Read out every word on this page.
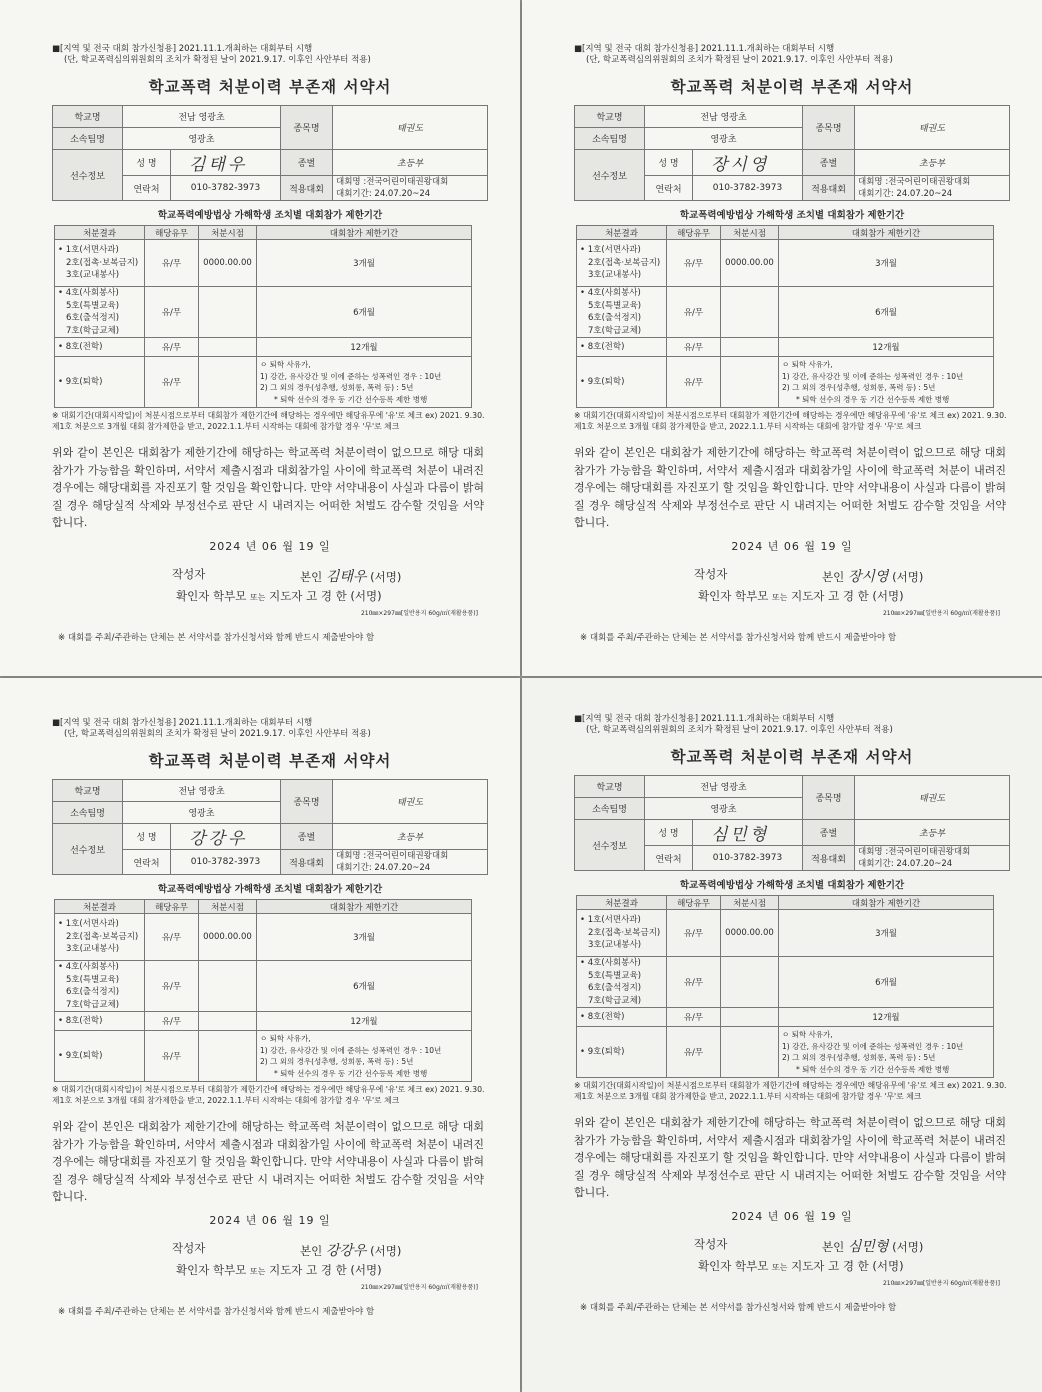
■[지역 및 전국 대회 참가신청용] 2021.11.1.개최하는 대회부터 시행
(단, 학교폭력심의위원회의 조치가 확정된 날이 2021.9.17. 이후인 사안부터 적용)
학교폭력 처분이력 부존재 서약서
학교명	전남 영광초		종목명	태권도
소속팀명	영광초			
선수정보	성 명	김태우	종별	초등부
	연락처	010-3782-3973	적용대회	대회명 :전국어린이태권왕대회
대회기간: 24.07.20~24
학교폭력예방법상 가해학생 조치별 대회참가 제한기간
처분결과	해당유무	처분시점	대회참가 제한기간

• 1호(서면사과)
2호(접촉·보복금지)
3호(교내봉사)	유/무	0000.00.00	3개월

• 4호(사회봉사)
5호(특별교육)
6호(출석정지)
7호(학급교체)	유/무		6개월

• 8호(전학)	유/무		12개월

• 9호(퇴학)	유/무		ㅇ 퇴학 사유가,
1) 강간, 유사강간 및 이에 준하는 성폭력인 경우 : 10년
2) 그 외의 경우(성추행, 성희롱, 폭력 등) : 5년
* 퇴학 선수의 경우 동 기간 선수등록 제한 병행
※ 대회기간(대회시작일)이 처분시점으로부터 대회참가 제한기간에 해당하는 경우에만 해당유무에 '유'로 체크 ex) 2021. 9.30. 제1호 처분으로 3개월 대회 참가제한을 받고, 2022.1.1.부터 시작하는 대회에 참가할 경우 '무'로 체크
위와 같이 본인은 대회참가 제한기간에 해당하는 학교폭력 처분이력이 없으므로 해당 대회 참가가 가능함을 확인하며, 서약서 제출시점과 대회참가일 사이에 학교폭력 처분이 내려진 경우에는 해당대회를 자진포기 할 것임을 확인합니다. 만약 서약내용이 사실과 다름이 밝혀질 경우 해당실적 삭제와 부정선수로 판단 시 내려지는 어떠한 처벌도 감수할 것임을 서약합니다.
2024 년 06 월 19 일
작성자	본인 김태우 (서명)
확인자 학부모 또는 지도자 고 경 한 (서명)
210㎜×297㎜[일반용지 60g/㎡(재활용품)]
※ 대회를 주최/주관하는 단체는 본 서약서를 참가신청서와 함께 반드시 제출받아야 함
■[지역 및 전국 대회 참가신청용] 2021.11.1.개최하는 대회부터 시행
(단, 학교폭력심의위원회의 조치가 확정된 날이 2021.9.17. 이후인 사안부터 적용)
학교폭력 처분이력 부존재 서약서
학교명	전남 영광초		종목명	태권도
소속팀명	영광초			
선수정보	성 명	장시영	종별	초등부
	연락처	010-3782-3973	적용대회	대회명 :전국어린이태권왕대회
대회기간: 24.07.20~24
학교폭력예방법상 가해학생 조치별 대회참가 제한기간
처분결과	해당유무	처분시점	대회참가 제한기간

• 1호(서면사과)
2호(접촉·보복금지)
3호(교내봉사)	유/무	0000.00.00	3개월

• 4호(사회봉사)
5호(특별교육)
6호(출석정지)
7호(학급교체)	유/무		6개월

• 8호(전학)	유/무		12개월

• 9호(퇴학)	유/무		ㅇ 퇴학 사유가,
1) 강간, 유사강간 및 이에 준하는 성폭력인 경우 : 10년
2) 그 외의 경우(성추행, 성희롱, 폭력 등) : 5년
* 퇴학 선수의 경우 동 기간 선수등록 제한 병행
※ 대회기간(대회시작일)이 처분시점으로부터 대회참가 제한기간에 해당하는 경우에만 해당유무에 '유'로 체크 ex) 2021. 9.30. 제1호 처분으로 3개월 대회 참가제한을 받고, 2022.1.1.부터 시작하는 대회에 참가할 경우 '무'로 체크
위와 같이 본인은 대회참가 제한기간에 해당하는 학교폭력 처분이력이 없으므로 해당 대회 참가가 가능함을 확인하며, 서약서 제출시점과 대회참가일 사이에 학교폭력 처분이 내려진 경우에는 해당대회를 자진포기 할 것임을 확인합니다. 만약 서약내용이 사실과 다름이 밝혀질 경우 해당실적 삭제와 부정선수로 판단 시 내려지는 어떠한 처벌도 감수할 것임을 서약합니다.
2024 년 06 월 19 일
작성자	본인 장시영 (서명)
확인자 학부모 또는 지도자 고 경 한 (서명)
210㎜×297㎜[일반용지 60g/㎡(재활용품)]
※ 대회를 주최/주관하는 단체는 본 서약서를 참가신청서와 함께 반드시 제출받아야 함
■[지역 및 전국 대회 참가신청용] 2021.11.1.개최하는 대회부터 시행
(단, 학교폭력심의위원회의 조치가 확정된 날이 2021.9.17. 이후인 사안부터 적용)
학교폭력 처분이력 부존재 서약서
학교명	전남 영광초		종목명	태권도
소속팀명	영광초			
선수정보	성 명	강강우	종별	초등부
	연락처	010-3782-3973	적용대회	대회명 :전국어린이태권왕대회
대회기간: 24.07.20~24
학교폭력예방법상 가해학생 조치별 대회참가 제한기간
처분결과	해당유무	처분시점	대회참가 제한기간

• 1호(서면사과)
2호(접촉·보복금지)
3호(교내봉사)	유/무	0000.00.00	3개월

• 4호(사회봉사)
5호(특별교육)
6호(출석정지)
7호(학급교체)	유/무		6개월

• 8호(전학)	유/무		12개월

• 9호(퇴학)	유/무		ㅇ 퇴학 사유가,
1) 강간, 유사강간 및 이에 준하는 성폭력인 경우 : 10년
2) 그 외의 경우(성추행, 성희롱, 폭력 등) : 5년
* 퇴학 선수의 경우 동 기간 선수등록 제한 병행
※ 대회기간(대회시작일)이 처분시점으로부터 대회참가 제한기간에 해당하는 경우에만 해당유무에 '유'로 체크 ex) 2021. 9.30. 제1호 처분으로 3개월 대회 참가제한을 받고, 2022.1.1.부터 시작하는 대회에 참가할 경우 '무'로 체크
위와 같이 본인은 대회참가 제한기간에 해당하는 학교폭력 처분이력이 없으므로 해당 대회 참가가 가능함을 확인하며, 서약서 제출시점과 대회참가일 사이에 학교폭력 처분이 내려진 경우에는 해당대회를 자진포기 할 것임을 확인합니다. 만약 서약내용이 사실과 다름이 밝혀질 경우 해당실적 삭제와 부정선수로 판단 시 내려지는 어떠한 처벌도 감수할 것임을 서약합니다.
2024 년 06 월 19 일
작성자	본인 강강우 (서명)
확인자 학부모 또는 지도자 고 경 한 (서명)
210㎜×297㎜[일반용지 60g/㎡(재활용품)]
※ 대회를 주최/주관하는 단체는 본 서약서를 참가신청서와 함께 반드시 제출받아야 함
■[지역 및 전국 대회 참가신청용] 2021.11.1.개최하는 대회부터 시행
(단, 학교폭력심의위원회의 조치가 확정된 날이 2021.9.17. 이후인 사안부터 적용)
학교폭력 처분이력 부존재 서약서
학교명	전남 영광초		종목명	태권도
소속팀명	영광초			
선수정보	성 명	심민형	종별	초등부
	연락처	010-3782-3973	적용대회	대회명 :전국어린이태권왕대회
대회기간: 24.07.20~24
학교폭력예방법상 가해학생 조치별 대회참가 제한기간
처분결과	해당유무	처분시점	대회참가 제한기간

• 1호(서면사과)
2호(접촉·보복금지)
3호(교내봉사)	유/무	0000.00.00	3개월

• 4호(사회봉사)
5호(특별교육)
6호(출석정지)
7호(학급교체)	유/무		6개월

• 8호(전학)	유/무		12개월

• 9호(퇴학)	유/무		ㅇ 퇴학 사유가,
1) 강간, 유사강간 및 이에 준하는 성폭력인 경우 : 10년
2) 그 외의 경우(성추행, 성희롱, 폭력 등) : 5년
* 퇴학 선수의 경우 동 기간 선수등록 제한 병행
※ 대회기간(대회시작일)이 처분시점으로부터 대회참가 제한기간에 해당하는 경우에만 해당유무에 '유'로 체크 ex) 2021. 9.30. 제1호 처분으로 3개월 대회 참가제한을 받고, 2022.1.1.부터 시작하는 대회에 참가할 경우 '무'로 체크
위와 같이 본인은 대회참가 제한기간에 해당하는 학교폭력 처분이력이 없으므로 해당 대회 참가가 가능함을 확인하며, 서약서 제출시점과 대회참가일 사이에 학교폭력 처분이 내려진 경우에는 해당대회를 자진포기 할 것임을 확인합니다. 만약 서약내용이 사실과 다름이 밝혀질 경우 해당실적 삭제와 부정선수로 판단 시 내려지는 어떠한 처벌도 감수할 것임을 서약합니다.
2024 년 06 월 19 일
작성자	본인 심민형 (서명)
확인자 학부모 또는 지도자 고 경 한 (서명)
210㎜×297㎜[일반용지 60g/㎡(재활용품)]
※ 대회를 주최/주관하는 단체는 본 서약서를 참가신청서와 함께 반드시 제출받아야 함
